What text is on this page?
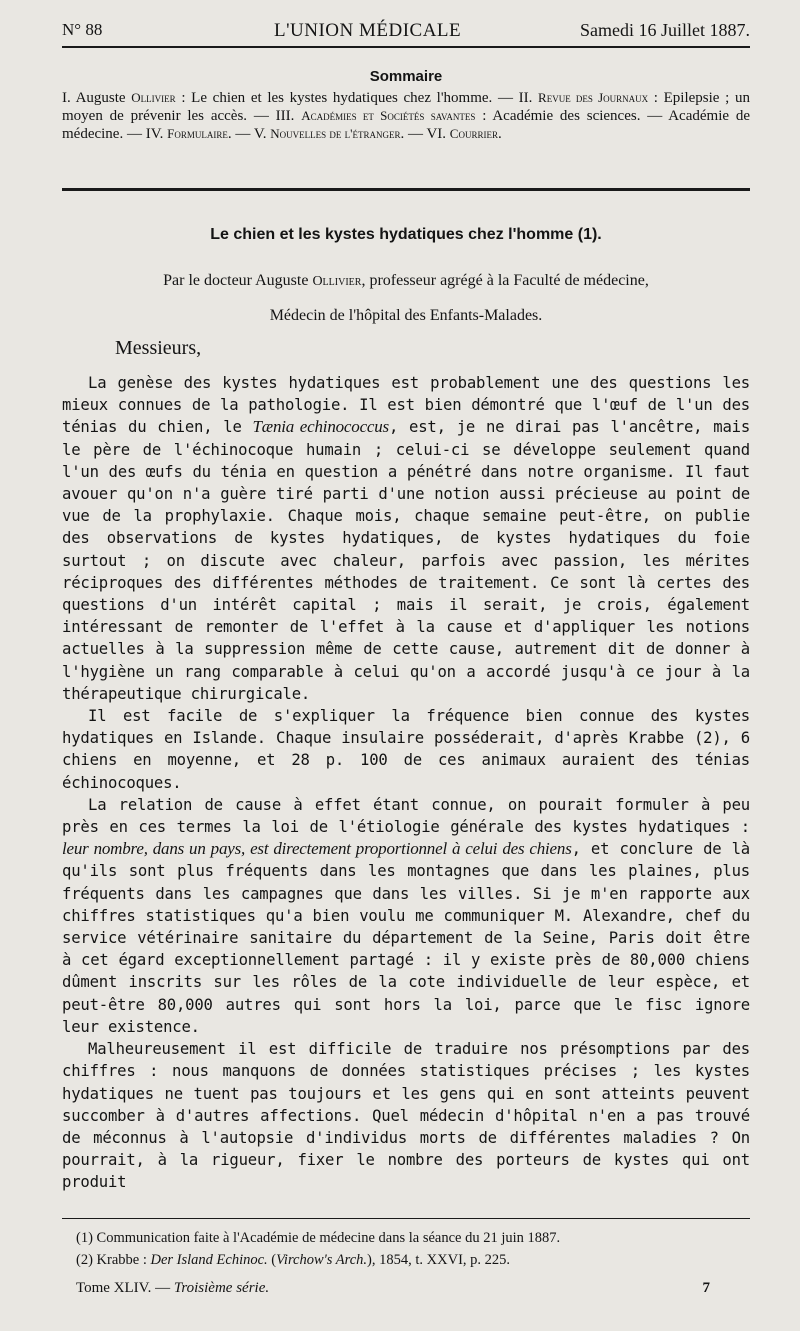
N° 88	L'UNION MÉDICALE	Samedi 16 Juillet 1887.
Sommaire
I. Auguste Ollivier : Le chien et les kystes hydatiques chez l'homme. — II. Revue des Journaux : Epilepsie ; un moyen de prévenir les accès. — III. Académies et Sociétés savantes : Académie des sciences. — Académie de médecine. — IV. Formulaire. — V. Nouvelles de l'étranger. — VI. Courrier.
Le chien et les kystes hydatiques chez l'homme (1).
Par le docteur Auguste Ollivier, professeur agrégé à la Faculté de médecine,
Médecin de l'hôpital des Enfants-Malades.
Messieurs,

La genèse des kystes hydatiques est probablement une des questions les mieux connues de la pathologie. Il est bien démontré que l'œuf de l'un des ténias du chien, le Tænia echinococcus, est, je ne dirai pas l'ancêtre, mais le père de l'échinocoque humain ; celui-ci se développe seulement quand l'un des œufs du ténia en question a pénétré dans notre organisme. Il faut avouer qu'on n'a guère tiré parti d'une notion aussi précieuse au point de vue de la prophylaxie. Chaque mois, chaque semaine peut-être, on publie des observations de kystes hydatiques, de kystes hydatiques du foie surtout ; on discute avec chaleur, parfois avec passion, les mérites réciproques des différentes méthodes de traitement. Ce sont là certes des questions d'un intérêt capital ; mais il serait, je crois, également intéressant de remonter de l'effet à la cause et d'appliquer les notions actuelles à la suppression même de cette cause, autrement dit de donner à l'hygiène un rang comparable à celui qu'on a accordé jusqu'à ce jour à la thérapeutique chirurgicale.

Il est facile de s'expliquer la fréquence bien connue des kystes hydatiques en Islande. Chaque insulaire posséderait, d'après Krabbe (2), 6 chiens en moyenne, et 28 p. 100 de ces animaux auraient des ténias échinocoques.

La relation de cause à effet étant connue, on pourait formuler à peu près en ces termes la loi de l'étiologie générale des kystes hydatiques : leur nombre, dans un pays, est directement proportionnel à celui des chiens, et conclure de là qu'ils sont plus fréquents dans les montagnes que dans les plaines, plus fréquents dans les campagnes que dans les villes. Si je m'en rapporte aux chiffres statistiques qu'a bien voulu me communiquer M. Alexandre, chef du service vétérinaire sanitaire du département de la Seine, Paris doit être à cet égard exceptionnellement partagé : il y existe près de 80,000 chiens dûment inscrits sur les rôles de la cote individuelle de leur espèce, et peut-être 80,000 autres qui sont hors la loi, parce que le fisc ignore leur existence.

Malheureusement il est difficile de traduire nos présomptions par des chiffres : nous manquons de données statistiques précises ; les kystes hydatiques ne tuent pas toujours et les gens qui en sont atteints peuvent succomber à d'autres affections. Quel médecin d'hôpital n'en a pas trouvé de méconnus à l'autopsie d'individus morts de différentes maladies ? On pourrait, à la rigueur, fixer le nombre des porteurs de kystes qui ont produit

(1) Communication faite à l'Académie de médecine dans la séance du 21 juin 1887.
(2) Krabbe : Der Island Echinoc. (Virchow's Arch.), 1854, t. XXVI, p. 225.
Tome XLIV. — Troisième série.	7
